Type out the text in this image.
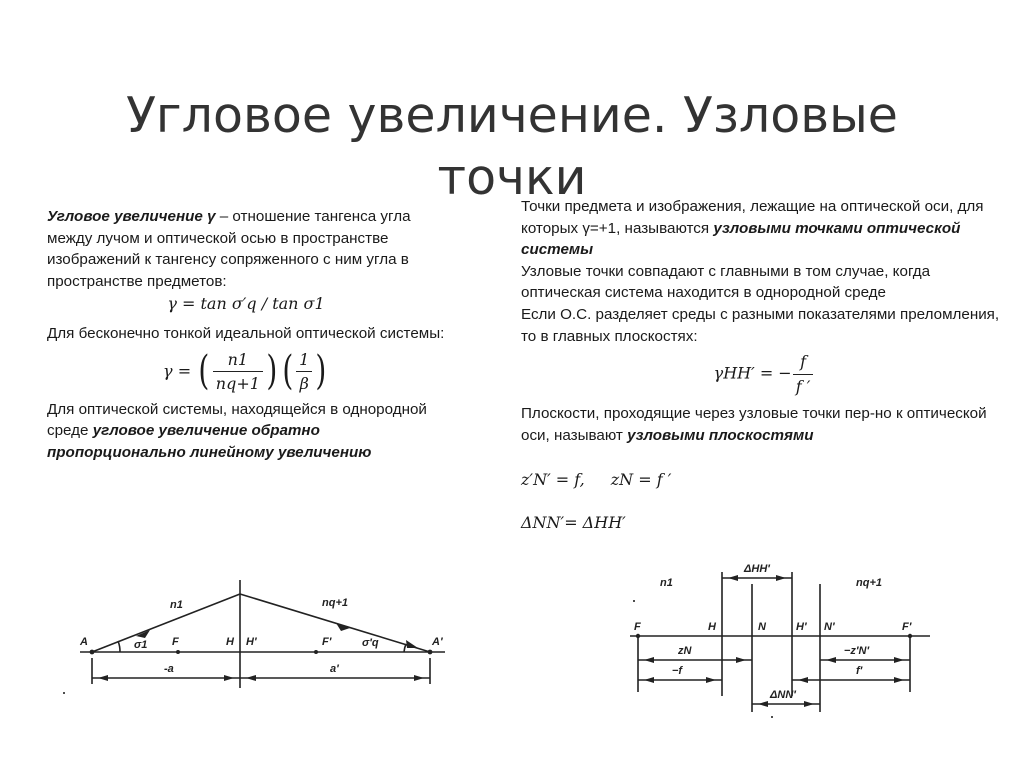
Угловое увеличение. Узловые точки

Угловое увеличение γ – отношение тангенса угла между лучом и оптической осью в пространстве изображений к тангенсу сопряженного с ним угла в пространстве предметов:

γ = tan σ′q / tan σ1

Для бесконечно тонкой идеальной оптической системы:

γ = ( $\frac{n1}{nq+1}$ ) ( $\frac{1}{\beta}$ )

Для оптической системы, находящейся в однородной среде угловое увеличение обратно пропорционально линейному увеличению

Точки предмета и изображения, лежащие на оптической оси, для которых γ=+1, называются узловыми точками оптической системы

Узловые точки совпадают с главными в том случае, когда оптическая система находится в однородной среде

Если О.С. разделяет среды с разными показателями преломления, то в главных плоскостях:

γHH′ = − $\frac{f}{f '}$

Плоскости, проходящие через узловые точки пер-но к оптической оси, называют узловыми плоскостями

z′N′ = f, zN = f ′
ΔNN′= ΔHH′
A	F	H H′	F′	A′
n1	nq+1
σ1	σ′q
-a	a′
F	H	N	H′ N′	F′
n1	nq+1
ΔHH′
ΔNN′
zN
−f
−z′N′
f′
